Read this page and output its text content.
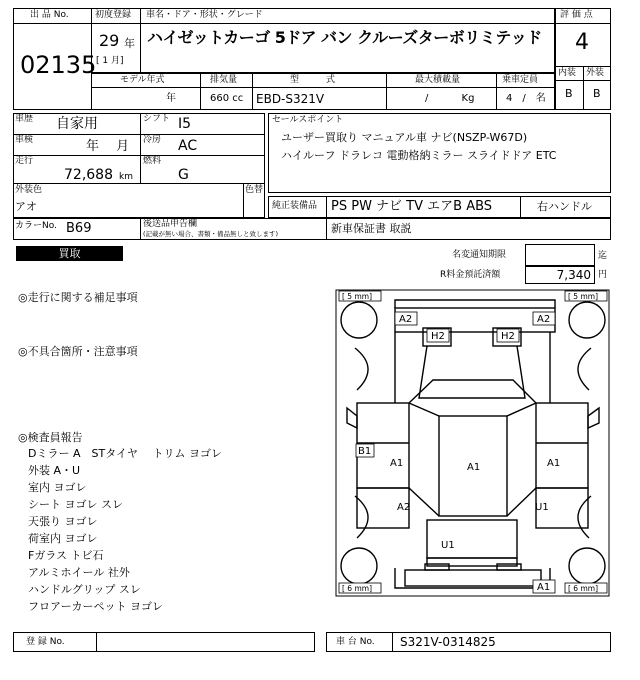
出 品 No.
02135
初度登録 車名・ドア・形状・グレード
29 年
[ 1 月]
ハイゼットカーゴ 5ドア バン クルーズターボリミテッド
評 価 点
4
内装 外装
B B
モデル年式	排気量	型　　　式	最大積載量	乗車定員
年	660 cc EBD-S321V	/　　　 Kg	4　/　名
車歴 自家用	シフト I5
車検	年　 月 冷房 AC
走行
72,688 km
燃料
G
外装色
アオ
色替
セールスポイント
ユーザー買取り マニュアル車 ナビ(NSZP-W67D)
ハイルーフ ドラレコ 電動格納ミラー スライドドア ETC
純正装備品 PS PW ナビ TV エアB ABS	右ハンドル
カラーNo. B69	後送品申告欄
(記載が無い場合、書類・備品無しと致します)	新車保証書 取説
買取	名変通知期限	迄
R料金預託済額	7,340 円
◎走行に関する補足事項
◎不具合箇所・注意事項
◎検査員報告
Dミラー A　STタイヤ　 トリム ヨゴレ
外装 A・U
室内 ヨゴレ
シート ヨゴレ スレ
天張り ヨゴレ
荷室内 ヨゴレ
Fガラス トビ石
アルミホイール 社外
ハンドルグリップ スレ
フロアーカーペット ヨゴレ
[ 5 mm]	[ 5 mm]
[ 6 mm]	[ 6 mm]
A2	A2
H2	H2
B1
A1	A1	A1
A2	U1
U1
A1
登 録 No.	車 台 No. S321V-0314825
